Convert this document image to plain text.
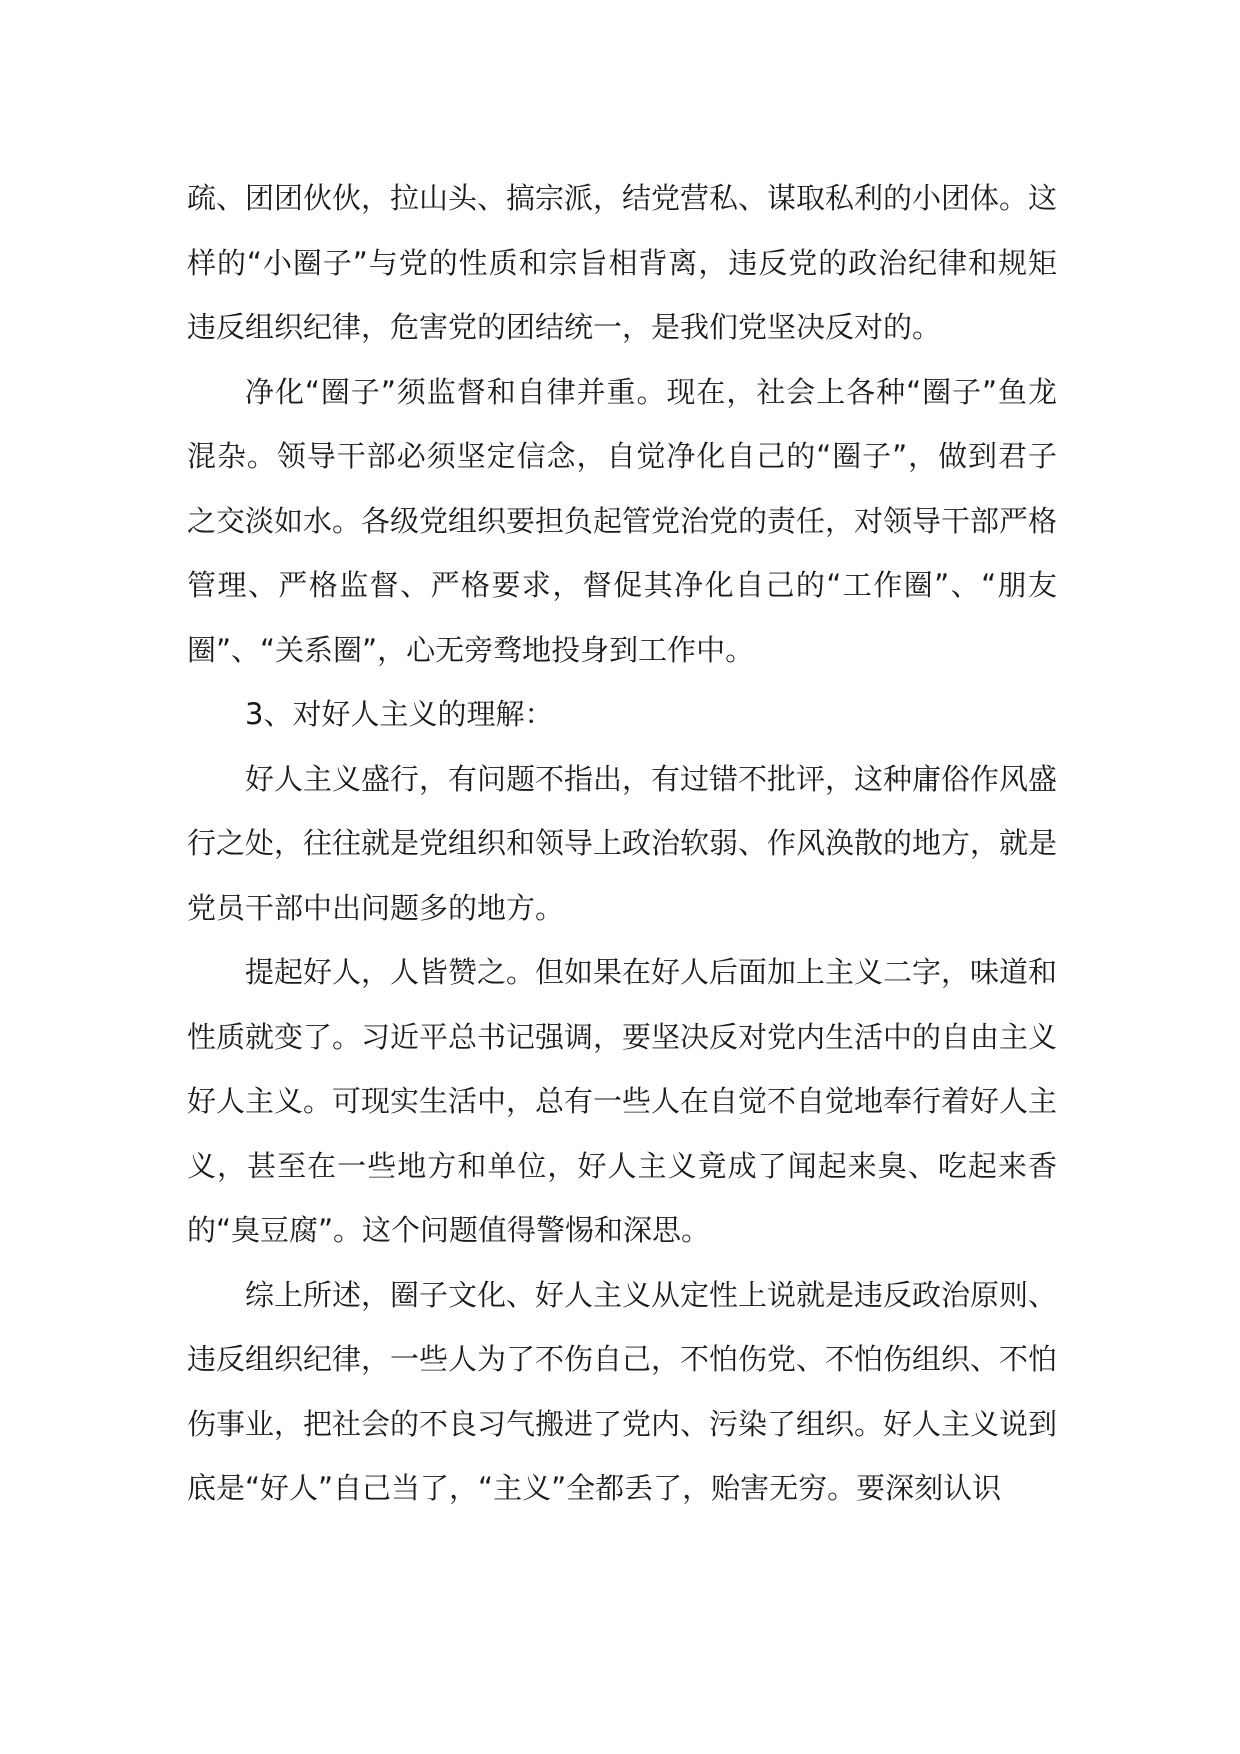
疏、团团伙伙，拉山头、搞宗派，结党营私、谋取私利的小团体。这样的“小圈子”与党的性质和宗旨相背离，违反党的政治纪律和规矩违反组织纪律，危害党的团结统一，是我们党坚决反对的。

净化“圈子”须监督和自律并重。现在，社会上各种“圈子”鱼龙混杂。领导干部必须坚定信念，自觉净化自己的“圈子”，做到君子之交淡如水。各级党组织要担负起管党治党的责任，对领导干部严格管理、严格监督、严格要求，督促其净化自己的“工作圈”、“朋友圈”、“关系圈”，心无旁骛地投身到工作中。

3、对好人主义的理解：

好人主义盛行，有问题不指出，有过错不批评，这种庸俗作风盛行之处，往往就是党组织和领导上政治软弱、作风涣散的地方，就是党员干部中出问题多的地方。

提起好人，人皆赞之。但如果在好人后面加上主义二字，味道和性质就变了。习近平总书记强调，要坚决反对党内生活中的自由主义好人主义。可现实生活中，总有一些人在自觉不自觉地奉行着好人主义，甚至在一些地方和单位，好人主义竟成了闻起来臭、吃起来香的“臭豆腐”。这个问题值得警惕和深思。

综上所述，圈子文化、好人主义从定性上说就是违反政治原则、违反组织纪律，一些人为了不伤自己，不怕伤党、不怕伤组织、不怕伤事业，把社会的不良习气搬进了党内、污染了组织。好人主义说到底是“好人”自己当了，“主义”全都丢了，贻害无穷。要深刻认识
